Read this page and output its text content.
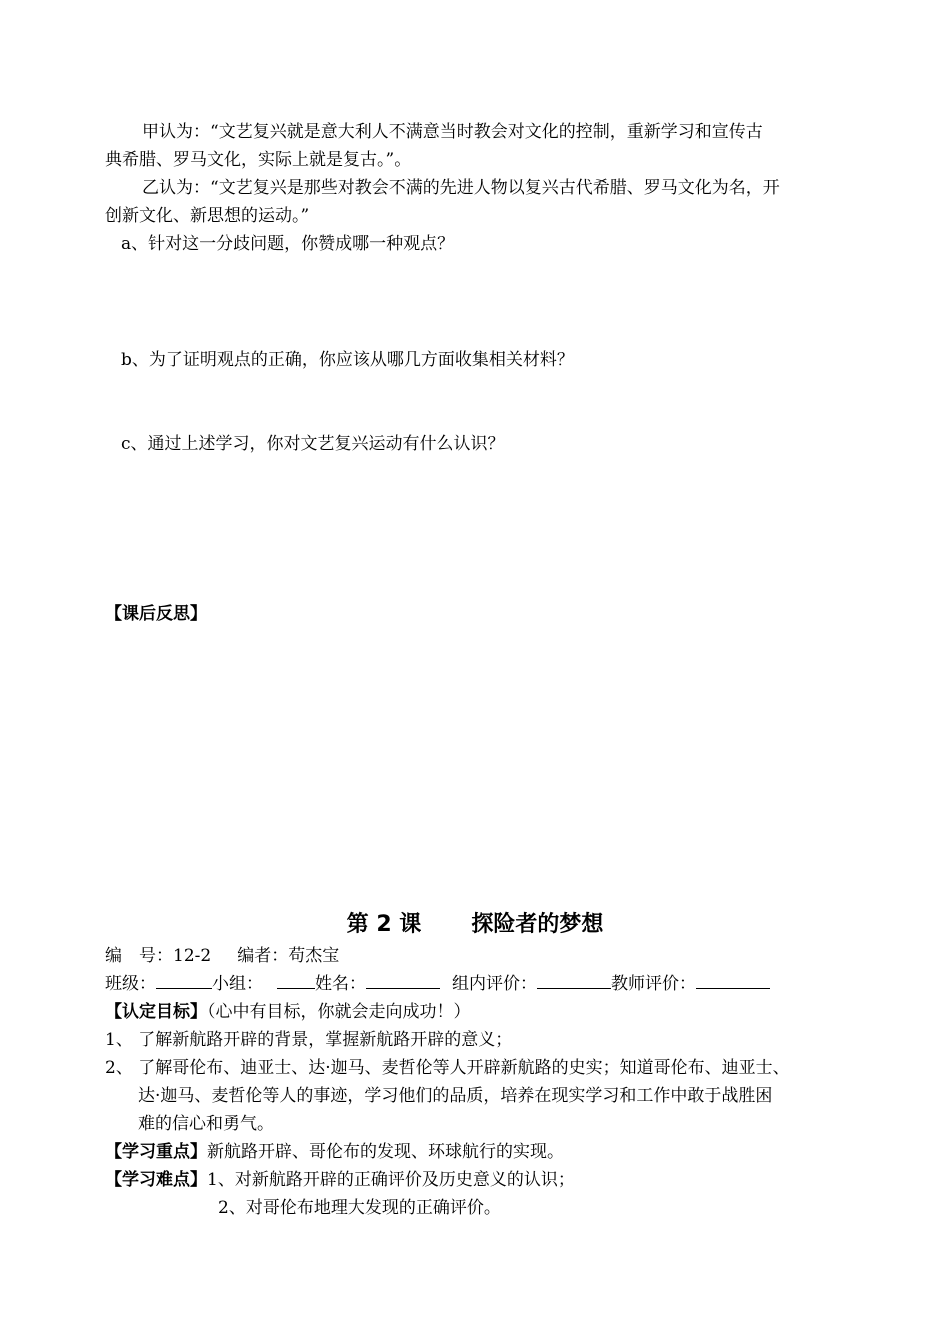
甲认为：“文艺复兴就是意大利人不满意当时教会对文化的控制，重新学习和宣传古
典希腊、罗马文化，实际上就是复古。”。
乙认为：“文艺复兴是那些对教会不满的先进人物以复兴古代希腊、罗马文化为名，开
创新文化、新思想的运动。”
a、针对这一分歧问题，你赞成哪一种观点？
b、为了证明观点的正确，你应该从哪几方面收集相关材料？
c、通过上述学习，你对文艺复兴运动有什么认识？
【课后反思】
第 2 课 探险者的梦想
编　号：12-2 编者：苟杰宝
班级：	小组：	姓名：	组内评价：	教师评价：
【认定目标】（心中有目标，你就会走向成功！）
1、 了解新航路开辟的背景，掌握新航路开辟的意义；
2、 了解哥伦布、迪亚士、达·迦马、麦哲伦等人开辟新航路的史实；知道哥伦布、迪亚士、
达·迦马、麦哲伦等人的事迹，学习他们的品质，培养在现实学习和工作中敢于战胜困
难的信心和勇气。
【学习重点】新航路开辟、哥伦布的发现、环球航行的实现。
【学习难点】1、对新航路开辟的正确评价及历史意义的认识；
2、对哥伦布地理大发现的正确评价。
